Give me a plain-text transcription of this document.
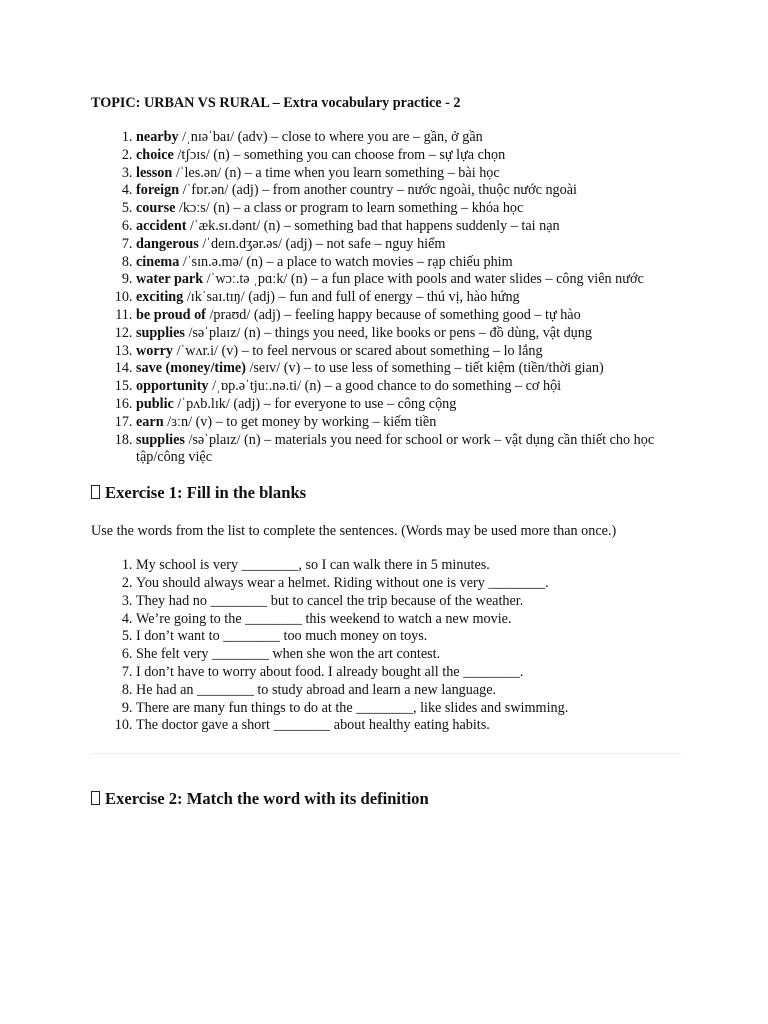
TOPIC: URBAN VS RURAL – Extra vocabulary practice - 2

1. nearby /ˌnɪəˈbaɪ/ (adv) – close to where you are – gần, ở gần
2. choice /tʃɔɪs/ (n) – something you can choose from – sự lựa chọn
3. lesson /ˈles.ən/ (n) – a time when you learn something – bài học
4. foreign /ˈfɒr.ən/ (adj) – from another country – nước ngoài, thuộc nước ngoài
5. course /kɔːs/ (n) – a class or program to learn something – khóa học
6. accident /ˈæk.sɪ.dənt/ (n) – something bad that happens suddenly – tai nạn
7. dangerous /ˈdeɪn.dʒər.əs/ (adj) – not safe – nguy hiểm
8. cinema /ˈsɪn.ə.mə/ (n) – a place to watch movies – rạp chiếu phim
9. water park /ˈwɔː.tə ˌpɑːk/ (n) – a fun place with pools and water slides – công viên nước
10. exciting /ɪkˈsaɪ.tɪŋ/ (adj) – fun and full of energy – thú vị, hào hứng
11. be proud of /praʊd/ (adj) – feeling happy because of something good – tự hào
12. supplies /səˈplaɪz/ (n) – things you need, like books or pens – đồ dùng, vật dụng
13. worry /ˈwʌr.i/ (v) – to feel nervous or scared about something – lo lắng
14. save (money/time) /seɪv/ (v) – to use less of something – tiết kiệm (tiền/thời gian)
15. opportunity /ˌɒp.əˈtjuː.nə.ti/ (n) – a good chance to do something – cơ hội
16. public /ˈpʌb.lɪk/ (adj) – for everyone to use – công cộng
17. earn /ɜːn/ (v) – to get money by working – kiếm tiền
18. supplies /səˈplaɪz/ (n) – materials you need for school or work – vật dụng cần thiết cho học tập/công việc
Exercise 1: Fill in the blanks

Use the words from the list to complete the sentences. (Words may be used more than once.)

1. My school is very ________, so I can walk there in 5 minutes.
2. You should always wear a helmet. Riding without one is very ________.
3. They had no ________ but to cancel the trip because of the weather.
4. We’re going to the ________ this weekend to watch a new movie.
5. I don’t want to ________ too much money on toys.
6. She felt very ________ when she won the art contest.
7. I don’t have to worry about food. I already bought all the ________.
8. He had an ________ to study abroad and learn a new language.
9. There are many fun things to do at the ________, like slides and swimming.
10. The doctor gave a short ________ about healthy eating habits.
Exercise 2: Match the word with its definition
